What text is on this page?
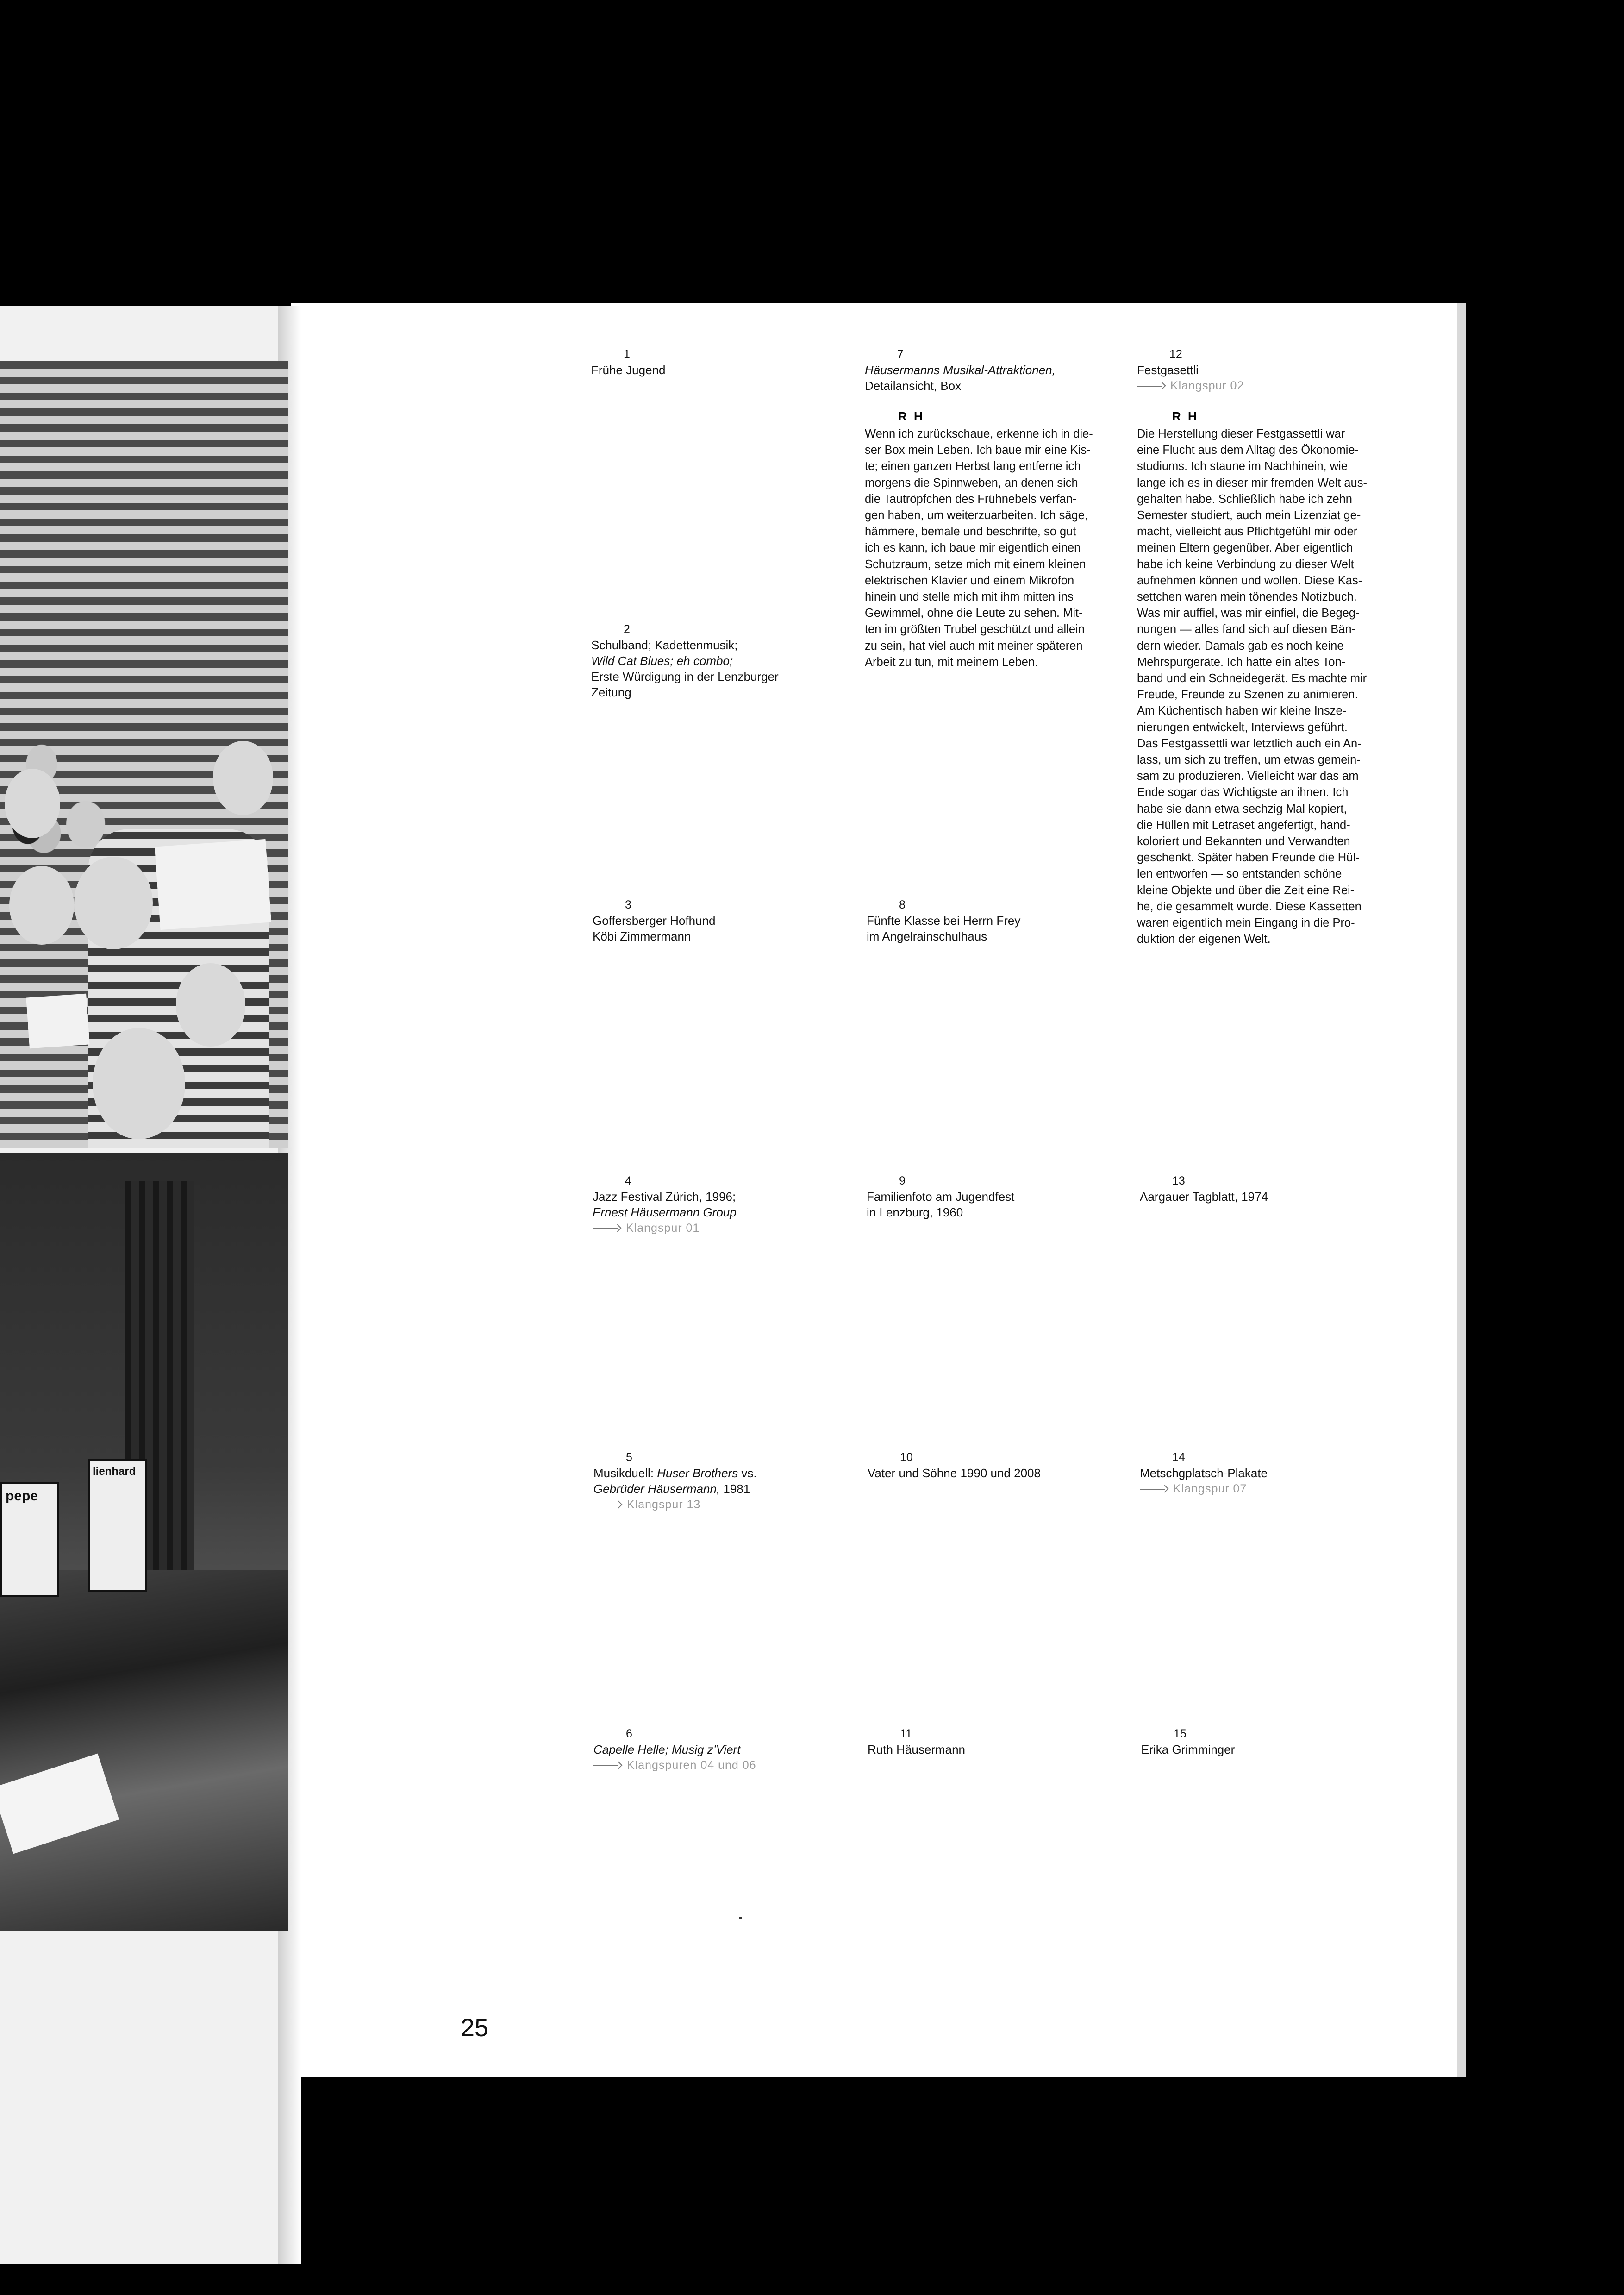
pepe
lienhard
1
Frühe Jugend
2
Schulband; Kadettenmusik;
Wild Cat Blues; eh combo;
Erste Würdigung in der Lenzburger
Zeitung
3
Goffersberger Hofhund
Köbi Zimmermann
4
Jazz Festival Zürich, 1996;
Ernest Häusermann Group
Klangspur 01
5
Musikduell: Huser Brothers vs.
Gebrüder Häusermann, 1981
Klangspur 13
6
Capelle Helle; Musig z’Viert
Klangspuren 04 und 06
7
Häusermanns Musikal-Attraktionen,
Detailansicht, Box
R H
Wenn ich zurückschaue, erkenne ich in die-
ser Box mein Leben. Ich baue mir eine Kis-
te; einen ganzen Herbst lang entferne ich
morgens die Spinnweben, an denen sich
die Tautröpfchen des Frühnebels verfan-
gen haben, um weiterzuarbeiten. Ich säge,
hämmere, bemale und beschrifte, so gut
ich es kann, ich baue mir eigentlich einen
Schutzraum, setze mich mit einem kleinen
elektrischen Klavier und einem Mikrofon
hinein und stelle mich mit ihm mitten ins
Gewimmel, ohne die Leute zu sehen. Mit-
ten im größten Trubel geschützt und allein
zu sein, hat viel auch mit meiner späteren
Arbeit zu tun, mit meinem Leben.
8
Fünfte Klasse bei Herrn Frey
im Angelrainschulhaus
9
Familienfoto am Jugendfest
in Lenzburg, 1960
10
Vater und Söhne 1990 und 2008
11
Ruth Häusermann
12
Festgasettli
Klangspur 02
R H
Die Herstellung dieser Festgassettli war
eine Flucht aus dem Alltag des Ökonomie-
studiums. Ich staune im Nachhinein, wie
lange ich es in dieser mir fremden Welt aus-
gehalten habe. Schließlich habe ich zehn
Semester studiert, auch mein Lizenziat ge-
macht, vielleicht aus Pflichtgefühl mir oder
meinen Eltern gegenüber. Aber eigentlich
habe ich keine Verbindung zu dieser Welt
aufnehmen können und wollen. Diese Kas-
settchen waren mein tönendes Notizbuch.
Was mir auffiel, was mir einfiel, die Begeg-
nungen — alles fand sich auf diesen Bän-
dern wieder. Damals gab es noch keine
Mehrspurgeräte. Ich hatte ein altes Ton-
band und ein Schneidegerät. Es machte mir
Freude, Freunde zu Szenen zu animieren.
Am Küchentisch haben wir kleine Insze-
nierungen entwickelt, Interviews geführt.
Das Festgassettli war letztlich auch ein An-
lass, um sich zu treffen, um etwas gemein-
sam zu produzieren. Vielleicht war das am
Ende sogar das Wichtigste an ihnen. Ich
habe sie dann etwa sechzig Mal kopiert,
die Hüllen mit Letraset angefertigt, hand-
koloriert und Bekannten und Verwandten
geschenkt. Später haben Freunde die Hül-
len entworfen — so entstanden schöne
kleine Objekte und über die Zeit eine Rei-
he, die gesammelt wurde. Diese Kassetten
waren eigentlich mein Eingang in die Pro-
duktion der eigenen Welt.
13
Aargauer Tagblatt, 1974
14
Metschgplatsch-Plakate
Klangspur 07
15
Erika Grimminger
25
